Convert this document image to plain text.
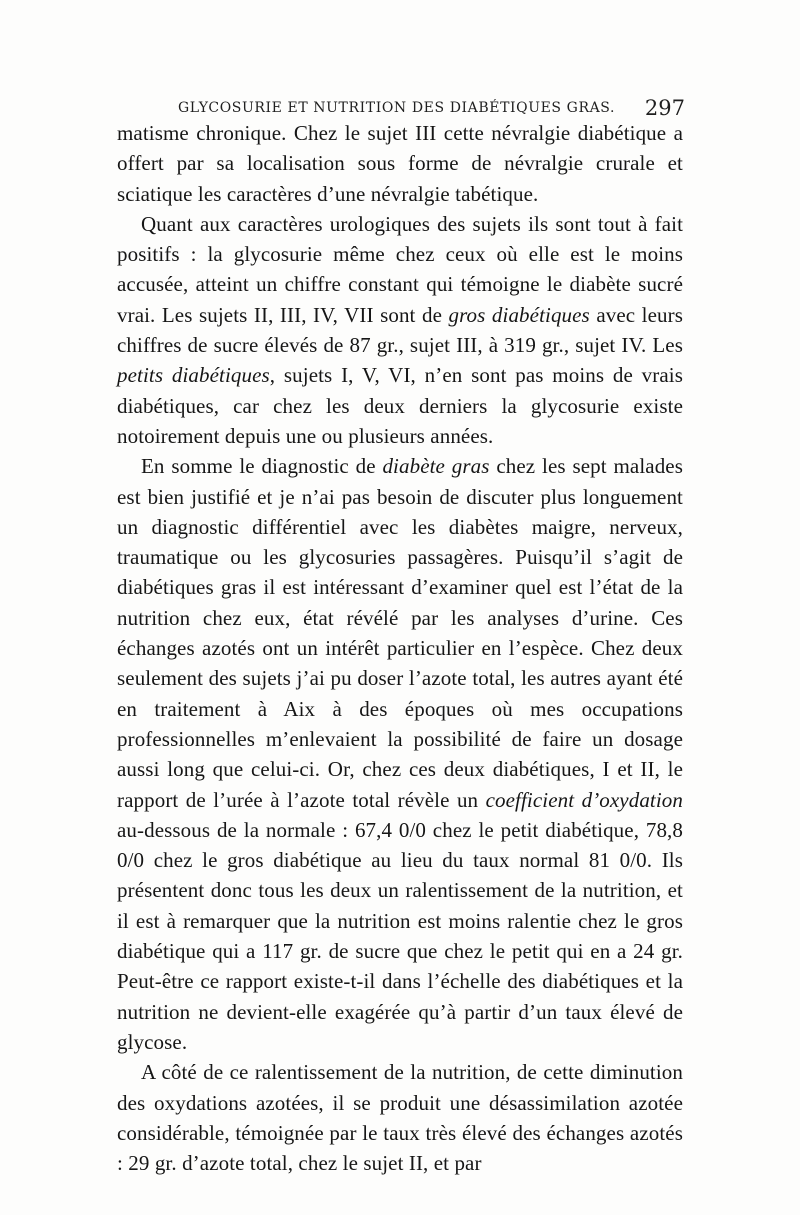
GLYCOSURIE ET NUTRITION DES DIABÉTIQUES GRAS. 297

matisme chronique. Chez le sujet III cette névralgie diabétique a offert par sa localisation sous forme de névralgie crurale et sciatique les caractères d’une névralgie tabétique.

Quant aux caractères urologiques des sujets ils sont tout à fait positifs : la glycosurie même chez ceux où elle est le moins accusée, atteint un chiffre constant qui témoigne le diabète sucré vrai. Les sujets II, III, IV, VII sont de gros diabétiques avec leurs chiffres de sucre élevés de 87 gr., sujet III, à 319 gr., sujet IV. Les petits diabétiques, sujets I, V, VI, n’en sont pas moins de vrais diabétiques, car chez les deux derniers la glycosurie existe notoirement depuis une ou plusieurs années.

En somme le diagnostic de diabète gras chez les sept malades est bien justifié et je n’ai pas besoin de discuter plus longuement un diagnostic différentiel avec les diabètes maigre, nerveux, traumatique ou les glycosuries passagères. Puisqu’il s’agit de diabétiques gras il est intéressant d’examiner quel est l’état de la nutrition chez eux, état révélé par les analyses d’urine. Ces échanges azotés ont un intérêt particulier en l’espèce. Chez deux seulement des sujets j’ai pu doser l’azote total, les autres ayant été en traitement à Aix à des époques où mes occupations professionnelles m’enlevaient la possibilité de faire un dosage aussi long que celui-ci. Or, chez ces deux diabétiques, I et II, le rapport de l’urée à l’azote total révèle un coefficient d’oxydation au-dessous de la normale : 67,4 0/0 chez le petit diabétique, 78,8 0/0 chez le gros diabétique au lieu du taux normal 81 0/0. Ils présentent donc tous les deux un ralentissement de la nutrition, et il est à remarquer que la nutrition est moins ralentie chez le gros diabétique qui a 117 gr. de sucre que chez le petit qui en a 24 gr. Peut-être ce rapport existe-t-il dans l’échelle des diabétiques et la nutrition ne devient-elle exagérée qu’à partir d’un taux élevé de glycose.

A côté de ce ralentissement de la nutrition, de cette diminution des oxydations azotées, il se produit une désassimilation azotée considérable, témoignée par le taux très élevé des échanges azotés : 29 gr. d’azote total, chez le sujet II, et par
